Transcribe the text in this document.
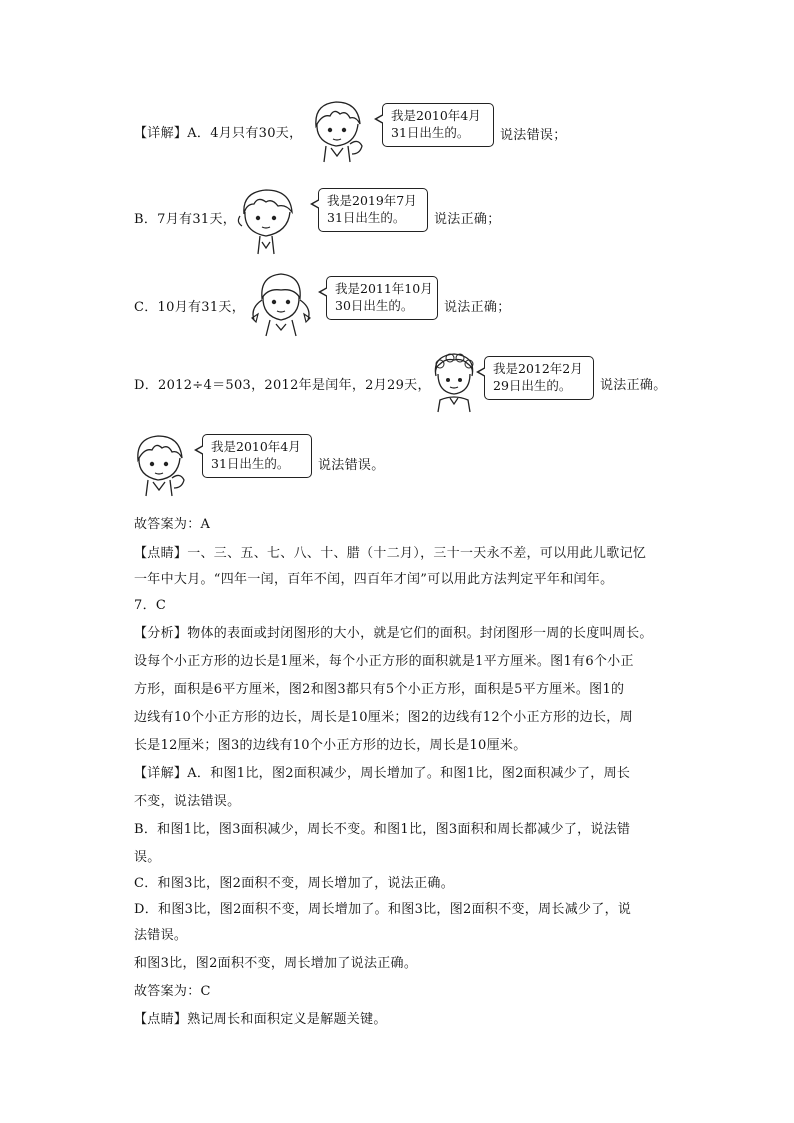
【详解】A．4月只有30天，
我是2010年4月
31日出生的。	说法错误；
B．7月有31天，
我是2019年7月
31日出生的。	说法正确；
C．10月有31天，
我是2011年10月
30日出生的。	说法正确；
D．2012÷4＝503，2012年是闰年，2月29天，
我是2012年2月
29日出生的。	说法正确。
我是2010年4月
31日出生的。	说法错误。
故答案为：A
【点睛】一、三、五、七、八、十、腊（十二月），三十一天永不差，可以用此儿歌记忆
一年中大月。“四年一闰，百年不闰，四百年才闰”可以用此方法判定平年和闰年。
7．C
【分析】物体的表面或封闭图形的大小，就是它们的面积。封闭图形一周的长度叫周长。
设每个小正方形的边长是1厘米，每个小正方形的面积就是1平方厘米。图1有6个小正
方形，面积是6平方厘米，图2和图3都只有5个小正方形，面积是5平方厘米。图1的
边线有10个小正方形的边长，周长是10厘米；图2的边线有12个小正方形的边长，周
长是12厘米；图3的边线有10个小正方形的边长，周长是10厘米。
【详解】A．和图1比，图2面积减少，周长增加了。和图1比，图2面积减少了，周长
不变，说法错误。
B．和图1比，图3面积减少，周长不变。和图1比，图3面积和周长都减少了，说法错
误。
C．和图3比，图2面积不变，周长增加了，说法正确。
D．和图3比，图2面积不变，周长增加了。和图3比，图2面积不变，周长减少了，说
法错误。
和图3比，图2面积不变，周长增加了说法正确。
故答案为：C
【点睛】熟记周长和面积定义是解题关键。
